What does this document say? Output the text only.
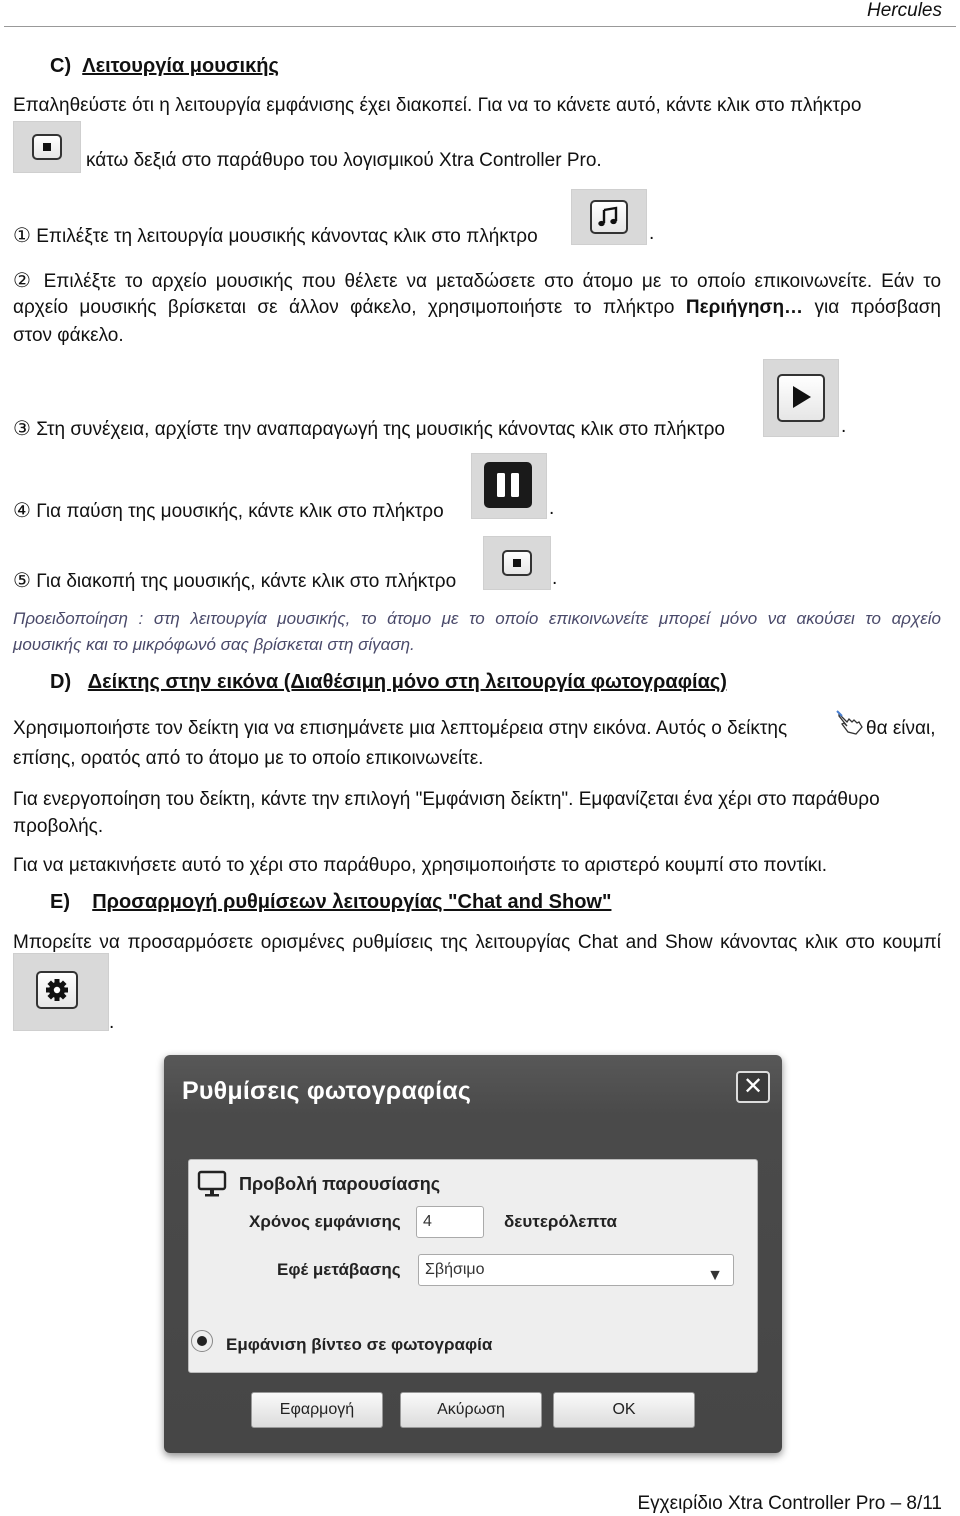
Hercules
C) Λειτουργία μουσικής
Επαληθεύστε ότι η λειτουργία εμφάνισης έχει διακοπεί. Για να το κάνετε αυτό, κάντε κλικ στο πλήκτρο
κάτω δεξιά στο παράθυρο του λογισμικού Xtra Controller Pro.
① Επιλέξτε τη λειτουργία μουσικής κάνοντας κλικ στο πλήκτρο	.
② Επιλέξτε το αρχείο μουσικής που θέλετε να μεταδώσετε στο άτομο με το οποίο επικοινωνείτε. Εάν το
αρχείο μουσικής βρίσκεται σε άλλον φάκελο, χρησιμοποιήστε το πλήκτρο Περιήγηση… για πρόσβαση
στον φάκελο.
③ Στη συνέχεια, αρχίστε την αναπαραγωγή της μουσικής κάνοντας κλικ στο πλήκτρο	.
④ Για παύση της μουσικής, κάντε κλικ στο πλήκτρο	.
⑤ Για διακοπή της μουσικής, κάντε κλικ στο πλήκτρο	.
Προειδοποίηση : στη λειτουργία μουσικής, το άτομο με το οποίο επικοινωνείτε μπορεί μόνο να ακούσει το αρχείο
μουσικής και το μικρόφωνό σας βρίσκεται στη σίγαση.
D) Δείκτης στην εικόνα (Διαθέσιμη μόνο στη λειτουργία φωτογραφίας)
Χρησιμοποιήστε τον δείκτη για να επισημάνετε μια λεπτομέρεια στην εικόνα. Αυτός ο δείκτης	θα είναι,
επίσης, ορατός από το άτομο με το οποίο επικοινωνείτε.
Για ενεργοποίηση του δείκτη, κάντε την επιλογή "Εμφάνιση δείκτη". Εμφανίζεται ένα χέρι στο παράθυρο
προβολής.
Για να μετακινήσετε αυτό το χέρι στο παράθυρο, χρησιμοποιήστε το αριστερό κουμπί στο ποντίκι.
E) Προσαρμογή ρυθμίσεων λειτουργίας "Chat and Show"
Μπορείτε να προσαρμόσετε ορισμένες ρυθμίσεις της λειτουργίας Chat and Show κάνοντας κλικ στο κουμπί
.
Ρυθμίσεις φωτογραφίας	✕
Προβολή παρουσίασης
Χρόνος εμφάνισης	4	δευτερόλεπτα
Εφέ μετάβασης	Σβήσιμο	▼
Εμφάνιση βίντεο σε φωτογραφία
Εφαρμογή	Ακύρωση	OK
Εγχειρίδιο Xtra Controller Pro – 8/11
